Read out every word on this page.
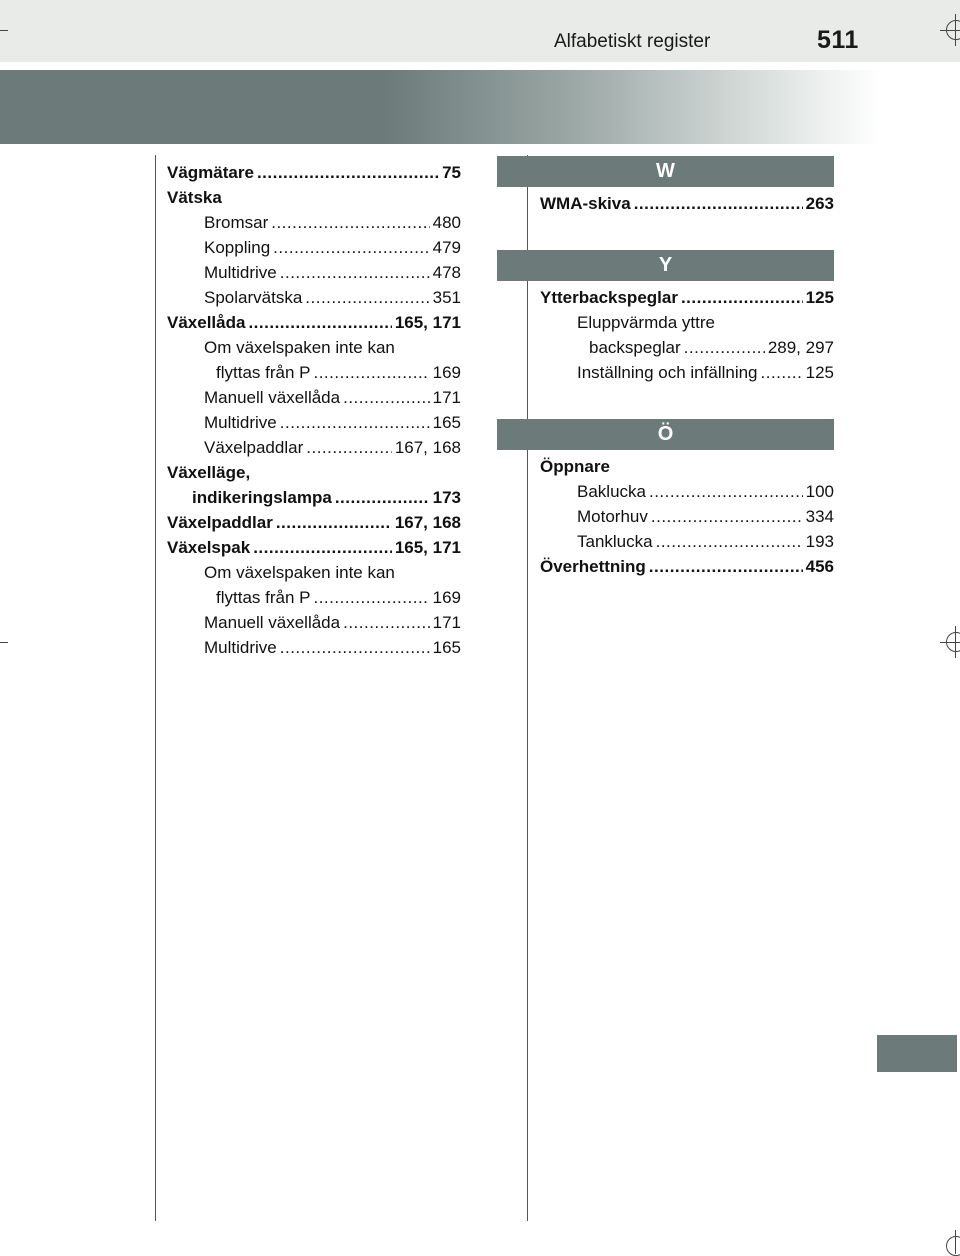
Alfabetiskt register	511
Vägmätare .....	75
Vätska
Bromsar .....	480
Koppling .....	479
Multidrive .....	478
Spolarvätska .....	351
Växellåda .....	165, 171
Om växelspaken inte kan
flyttas från P .....	169
Manuell växellåda .....	171
Multidrive .....	165
Växelpaddlar .....	167, 168
Växelläge,
indikeringslampa .....	173
Växelpaddlar .....	167, 168
Växelspak .....	165, 171
Om växelspaken inte kan
flyttas från P .....	169
Manuell växellåda .....	171
Multidrive .....	165
W
WMA-skiva .....	263
Y
Ytterbackspeglar .....	125
Eluppvärmda yttre
backspeglar .....	289, 297
Inställning och infällning .....	125
Ö
Öppnare
Baklucka .....	100
Motorhuv .....	334
Tanklucka .....	193
Överhettning .....	456
